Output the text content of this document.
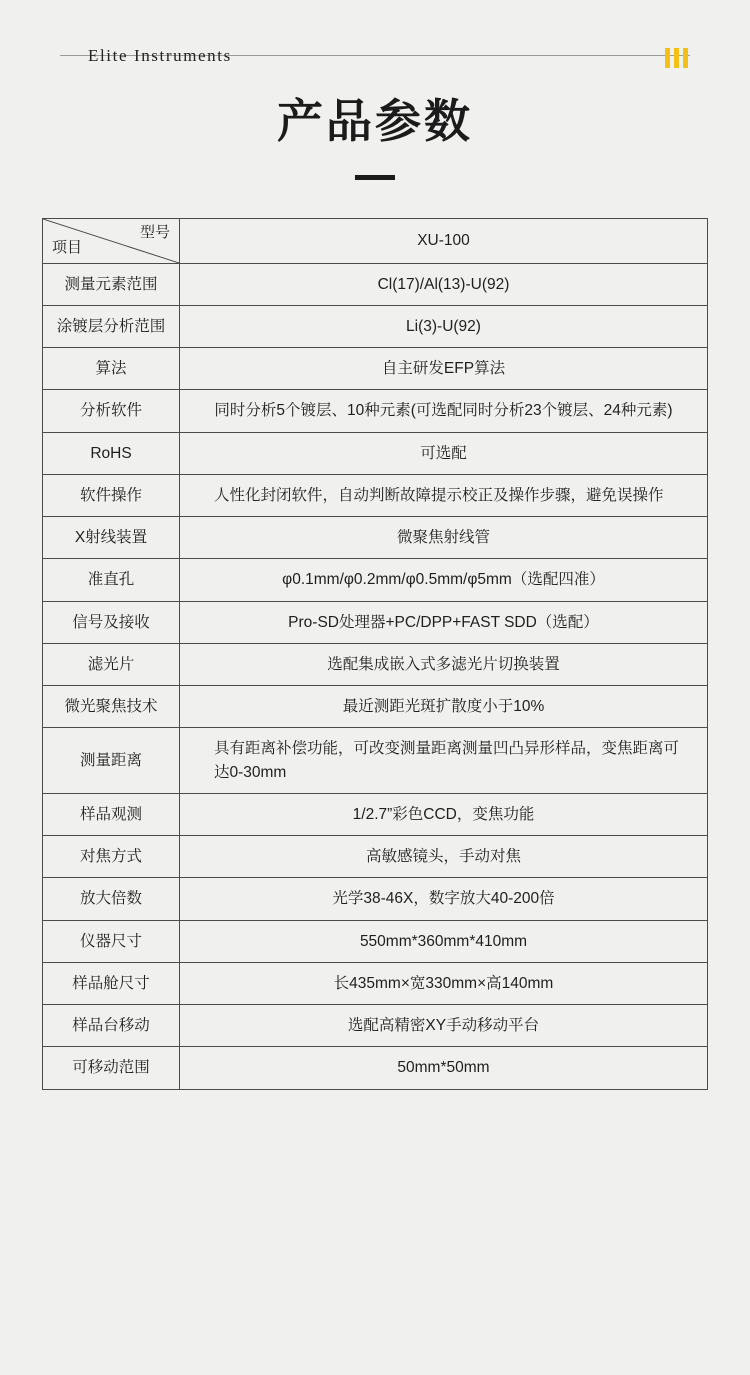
Elite Instruments
产品参数
型号
项目	XU-100
测量元素范围	Cl(17)/Al(13)-U(92)
涂镀层分析范围	Li(3)-U(92)
算法	自主研发EFP算法
分析软件	同时分析5个镀层、10种元素(可选配同时分析23个镀层、24种元素)
RoHS	可选配
软件操作	人性化封闭软件，自动判断故障提示校正及操作步骤，避免误操作
X射线装置	微聚焦射线管
准直孔	φ0.1mm/φ0.2mm/φ0.5mm/φ5mm（选配四准）
信号及接收	Pro-SD处理器+PC/DPP+FAST SDD（选配）
滤光片	选配集成嵌入式多滤光片切换装置
微光聚焦技术	最近测距光斑扩散度小于10%
测量距离	具有距离补偿功能，可改变测量距离测量凹凸异形样品，变焦距离可达0-30mm
样品观测	1/2.7”彩色CCD，变焦功能
对焦方式	高敏感镜头，手动对焦
放大倍数	光学38-46X，数字放大40-200倍
仪器尺寸	550mm*360mm*410mm
样品舱尺寸	长435mm×宽330mm×高140mm
样品台移动	选配高精密XY手动移动平台
可移动范围	50mm*50mm
